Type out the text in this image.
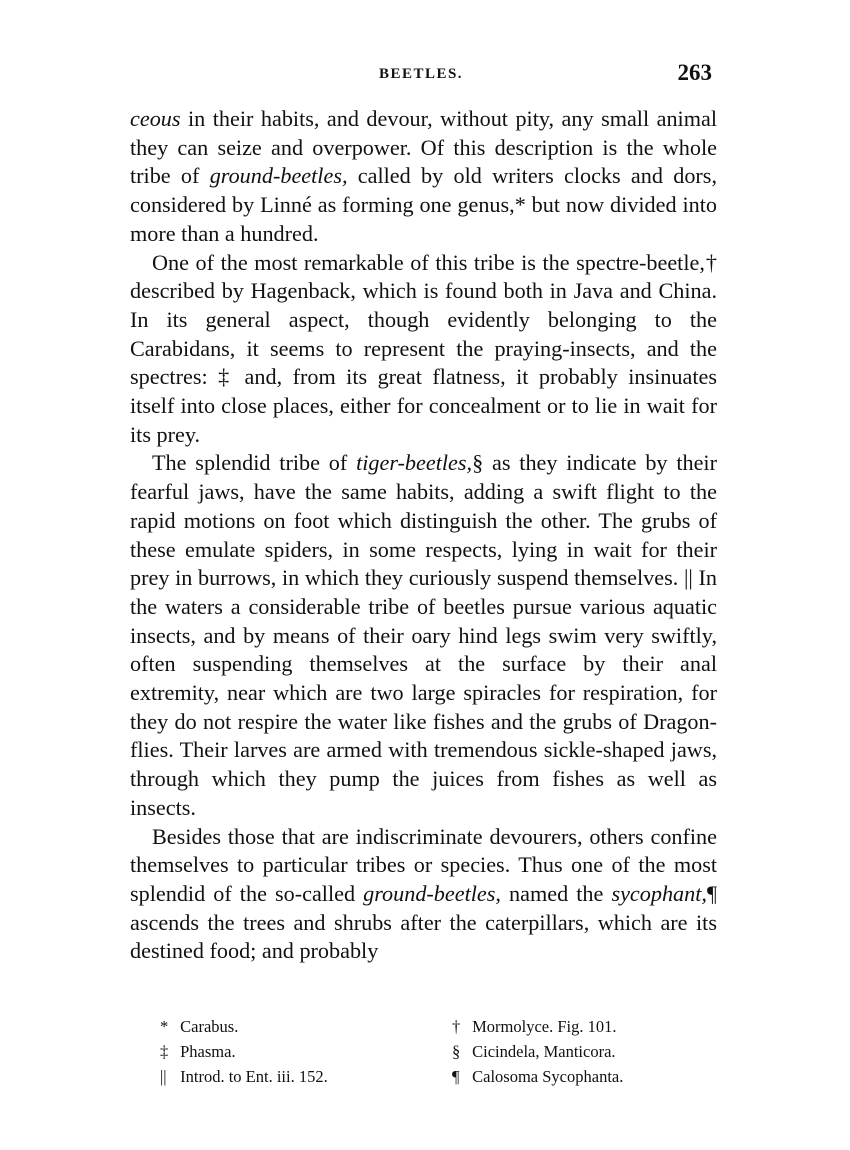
BEETLES.	263

ceous in their habits, and devour, without pity, any small animal they can seize and overpower. Of this description is the whole tribe of ground-beetles, called by old writers clocks and dors, considered by Linné as forming one genus,* but now divided into more than a hundred.

One of the most remarkable of this tribe is the spectre-beetle,† described by Hagenback, which is found both in Java and China. In its general aspect, though evidently belonging to the Carabidans, it seems to represent the praying-insects, and the spectres: ‡ and, from its great flatness, it probably insinuates itself into close places, either for concealment or to lie in wait for its prey.

The splendid tribe of tiger-beetles,§ as they indicate by their fearful jaws, have the same habits, adding a swift flight to the rapid motions on foot which distinguish the other. The grubs of these emulate spiders, in some respects, lying in wait for their prey in burrows, in which they curiously suspend themselves. || In the waters a considerable tribe of beetles pursue various aquatic insects, and by means of their oary hind legs swim very swiftly, often suspending themselves at the surface by their anal extremity, near which are two large spiracles for respiration, for they do not respire the water like fishes and the grubs of Dragon-flies. Their larves are armed with tremendous sickle-shaped jaws, through which they pump the juices from fishes as well as insects.

Besides those that are indiscriminate devourers, others confine themselves to particular tribes or species. Thus one of the most splendid of the so-called ground-beetles, named the sycophant,¶ ascends the trees and shrubs after the caterpillars, which are its destined food; and probably

* Carabus.	† Mormolyce. Fig. 101.
‡ Phasma.	§ Cicindela, Manticora.
|| Introd. to Ent. iii. 152.	¶ Calosoma Sycophanta.
